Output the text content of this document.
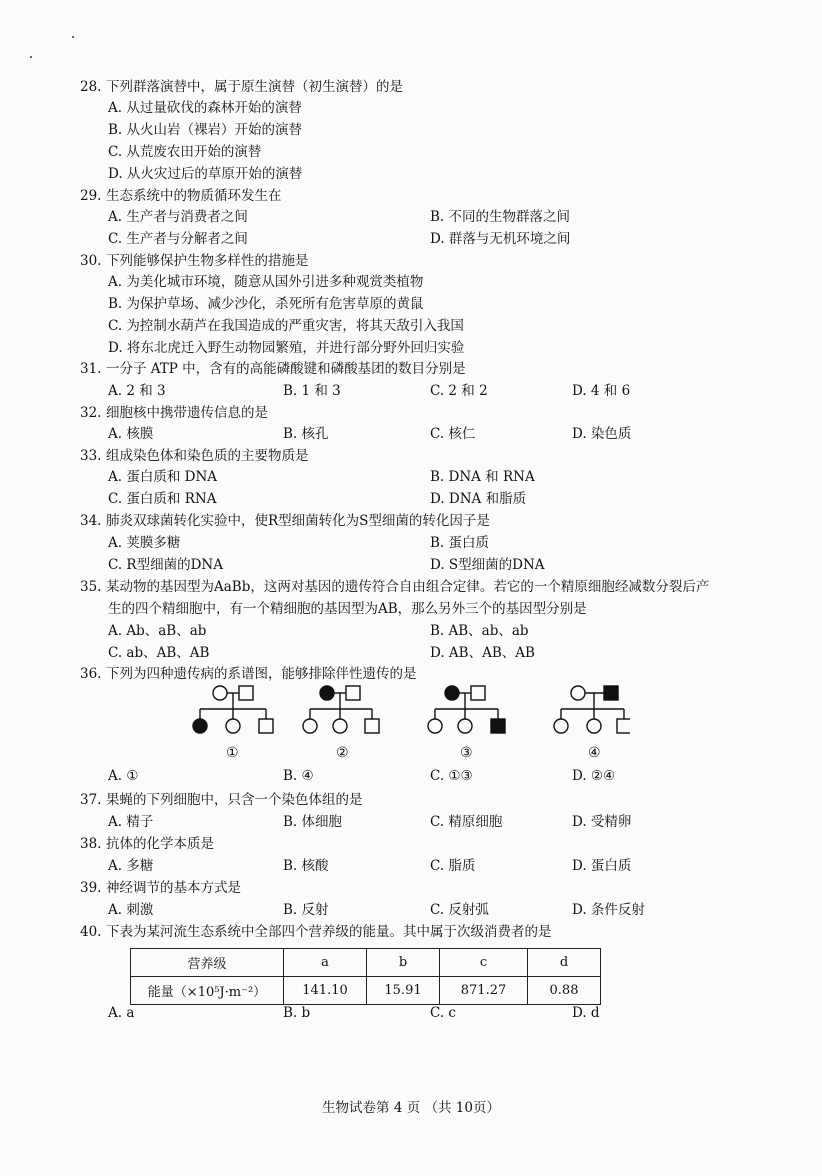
28. 下列群落演替中，属于原生演替（初生演替）的是
A. 从过量砍伐的森林开始的演替
B. 从火山岩（裸岩）开始的演替
C. 从荒废农田开始的演替
D. 从火灾过后的草原开始的演替
29. 生态系统中的物质循环发生在
A. 生产者与消费者之间	B. 不同的生物群落之间
C. 生产者与分解者之间	D. 群落与无机环境之间
30. 下列能够保护生物多样性的措施是
A. 为美化城市环境，随意从国外引进多种观赏类植物
B. 为保护草场、减少沙化，杀死所有危害草原的黄鼠
C. 为控制水葫芦在我国造成的严重灾害，将其天敌引入我国
D. 将东北虎迁入野生动物园繁殖，并进行部分野外回归实验
31. 一分子 ATP 中，含有的高能磷酸键和磷酸基团的数目分别是
A. 2 和 3	B. 1 和 3	C. 2 和 2	D. 4 和 6
32. 细胞核中携带遗传信息的是
A. 核膜	B. 核孔	C. 核仁	D. 染色质
33. 组成染色体和染色质的主要物质是
A. 蛋白质和 DNA	B. DNA 和 RNA
C. 蛋白质和 RNA	D. DNA 和脂质
34. 肺炎双球菌转化实验中，使R型细菌转化为S型细菌的转化因子是
A. 荚膜多糖	B. 蛋白质
C. R型细菌的DNA	D. S型细菌的DNA
35. 某动物的基因型为AaBb，这两对基因的遗传符合自由组合定律。若它的一个精原细胞经减数分裂后产
生的四个精细胞中，有一个精细胞的基因型为AB，那么另外三个的基因型分别是
A. Ab、aB、ab	B. AB、ab、ab
C. ab、AB、AB	D. AB、AB、AB
36. 下列为四种遗传病的系谱图，能够排除伴性遗传的是
①	②	③	④
A. ①	B. ④	C. ①③	D. ②④
37. 果蝇的下列细胞中，只含一个染色体组的是
A. 精子	B. 体细胞	C. 精原细胞	D. 受精卵
38. 抗体的化学本质是
A. 多糖	B. 核酸	C. 脂质	D. 蛋白质
39. 神经调节的基本方式是
A. 刺激	B. 反射	C. 反射弧	D. 条件反射
40. 下表为某河流生态系统中全部四个营养级的能量。其中属于次级消费者的是
营养级	a	b	c	d
能量（×10⁵J·m⁻²）	141.10	15.91	871.27	0.88
A. a	B. b	C. c	D. d
生物试卷第 4 页 （共 10页）
